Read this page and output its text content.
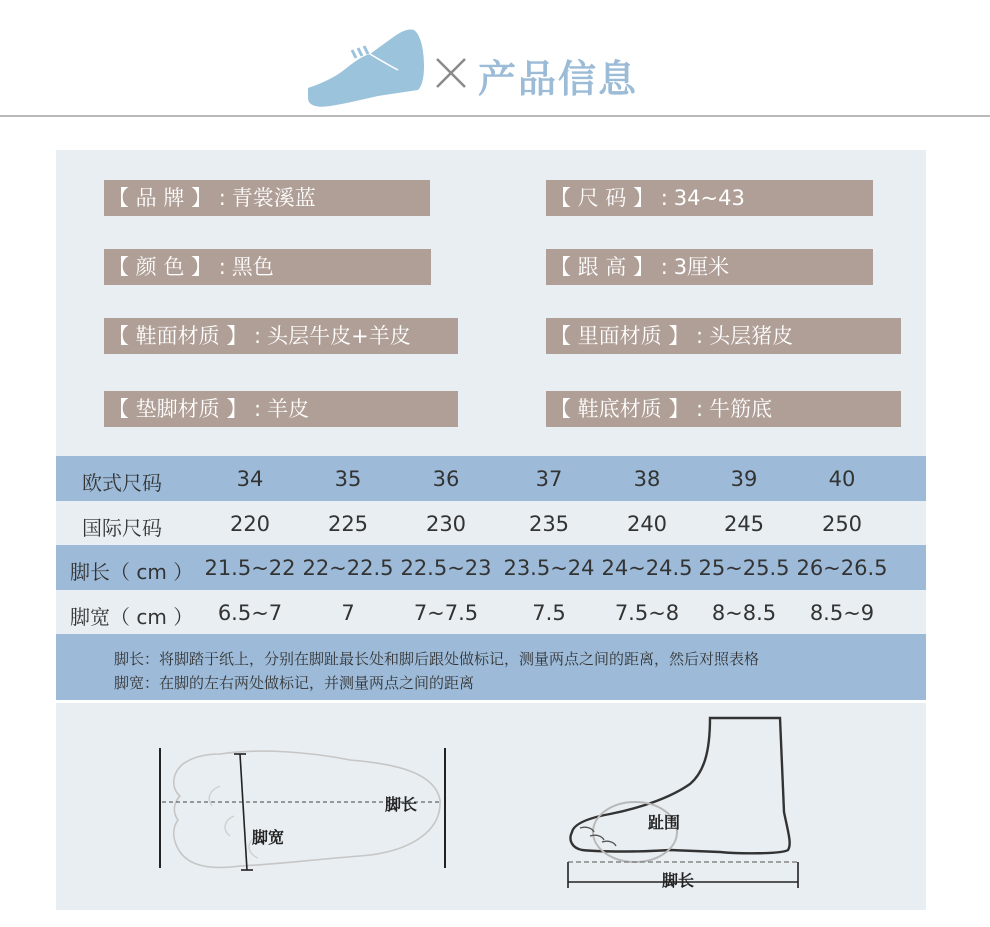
产品信息
【 品 牌 】 : 青裳溪蓝	【 尺 码 】 : 34~43
【 颜 色 】 : 黑色	【 跟 高 】 : 3厘米
【 鞋面材质 】 : 头层牛皮+羊皮	【 里面材质 】 : 头层猪皮
【 垫脚材质 】 : 羊皮	【 鞋底材质 】 : 牛筋底
欧式尺码	34	35	36	37	38	39	40
国际尺码	220	225	230	235	240	245	250
脚长（ cm ） 21.5~22 22~22.5 22.5~23 23.5~24 24~24.5 25~25.5 26~26.5
脚宽（ cm ）	6.5~7	7	7~7.5	7.5	7.5~8	8~8.5	8.5~9
脚长：将脚踏于纸上，分别在脚趾最长处和脚后跟处做标记，测量两点之间的距离，然后对照表格
脚宽：在脚的左右两处做标记，并测量两点之间的距离
脚长
脚宽
趾围
脚长
